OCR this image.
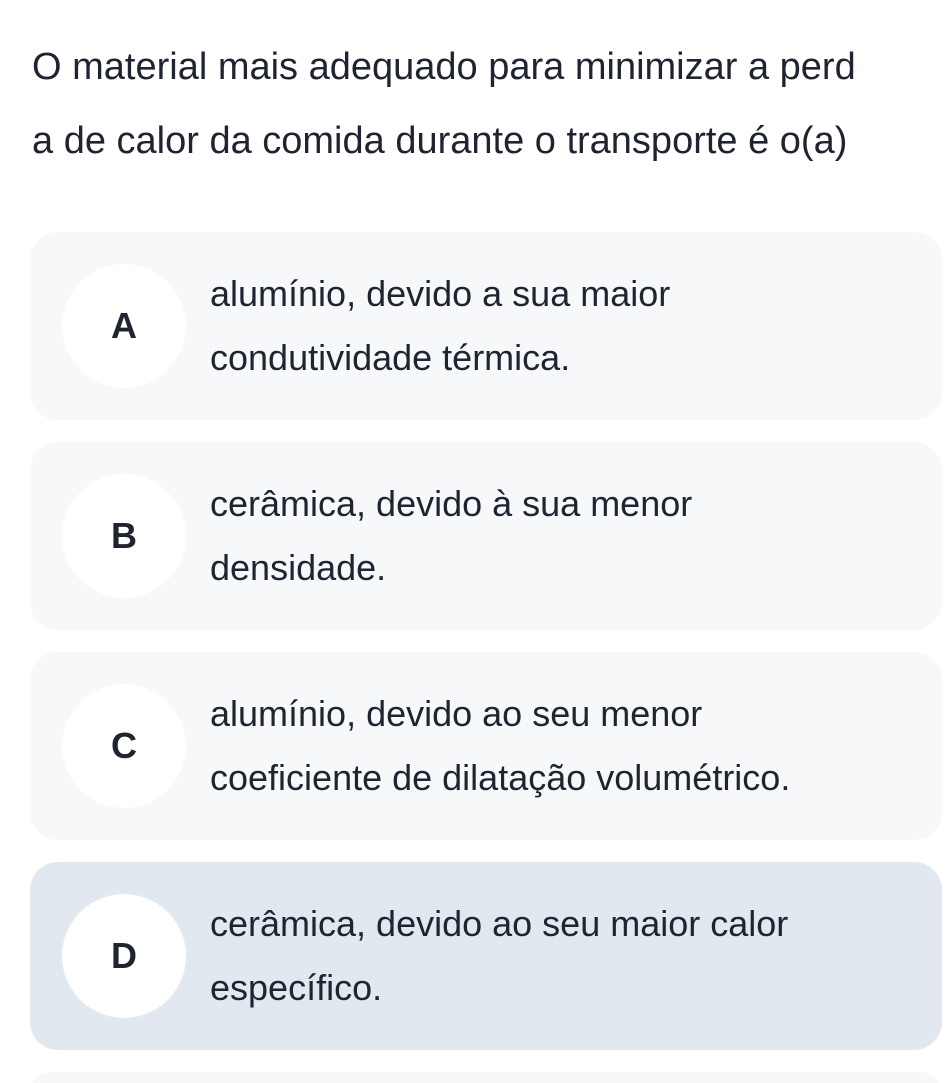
O material mais adequado para minimizar a perd
a de calor da comida durante o transporte é o(a)
A
alumínio, devido a sua maior
condutividade térmica.
B
cerâmica, devido à sua menor
densidade.
C
alumínio, devido ao seu menor
coeficiente de dilatação volumétrico.
D
cerâmica, devido ao seu maior calor
específico.
